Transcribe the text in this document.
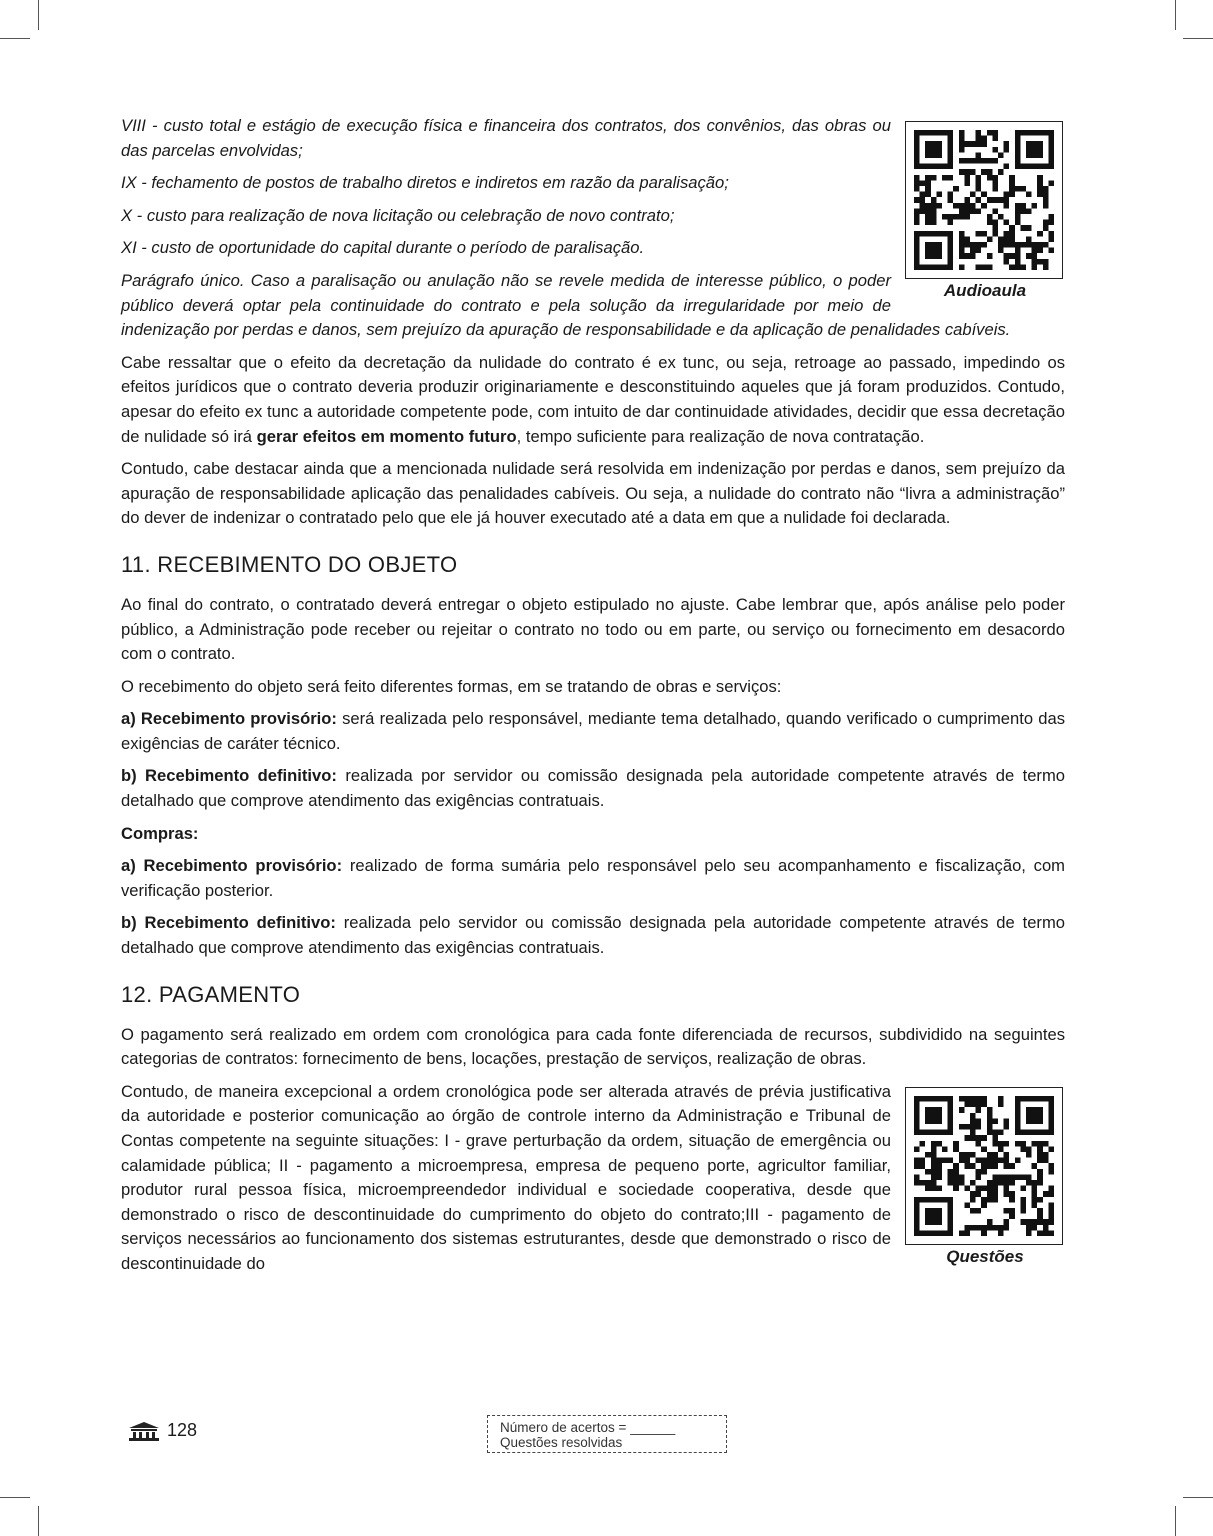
Audioaula

VIII - custo total e estágio de execução física e financeira dos contratos, dos convênios, das obras ou das parcelas envolvidas;

IX - fechamento de postos de trabalho diretos e indiretos em razão da paralisação;

X - custo para realização de nova licitação ou celebração de novo contrato;

XI - custo de oportunidade do capital durante o período de paralisação.

Parágrafo único. Caso a paralisação ou anulação não se revele medida de interesse público, o poder público deverá optar pela continuidade do contrato e pela solução da irregularidade por meio de indenização por perdas e danos, sem prejuízo da apuração de responsabilidade e da aplicação de penalidades cabíveis.

Cabe ressaltar que o efeito da decretação da nulidade do contrato é ex tunc, ou seja, retroage ao passado, impedindo os efeitos jurídicos que o contrato deveria produzir originariamente e desconstituindo aqueles que já foram produzidos. Contudo, apesar do efeito ex tunc a autoridade competente pode, com intuito de dar continuidade atividades, decidir que essa decretação de nulidade só irá gerar efeitos em momento futuro, tempo suficiente para realização de nova contratação.

Contudo, cabe destacar ainda que a mencionada nulidade será resolvida em indenização por perdas e danos, sem prejuízo da apuração de responsabilidade aplicação das penalidades cabíveis. Ou seja, a nulidade do contrato não “livra a administração” do dever de indenizar o contratado pelo que ele já houver executado até a data em que a nulidade foi declarada.

11. RECEBIMENTO DO OBJETO

Ao final do contrato, o contratado deverá entregar o objeto estipulado no ajuste. Cabe lembrar que, após análise pelo poder público, a Administração pode receber ou rejeitar o contrato no todo ou em parte, ou serviço ou fornecimento em desacordo com o contrato.

O recebimento do objeto será feito diferentes formas, em se tratando de obras e serviços:

a) Recebimento provisório: será realizada pelo responsável, mediante tema detalhado, quando verificado o cumprimento das exigências de caráter técnico.

b) Recebimento definitivo: realizada por servidor ou comissão designada pela autoridade competente através de termo detalhado que comprove atendimento das exigências contratuais.

Compras:

a) Recebimento provisório: realizado de forma sumária pelo responsável pelo seu acompanhamento e fiscalização, com verificação posterior.

b) Recebimento definitivo: realizada pelo servidor ou comissão designada pela autoridade competente através de termo detalhado que comprove atendimento das exigências contratuais.

12. PAGAMENTO

O pagamento será realizado em ordem com cronológica para cada fonte diferenciada de recursos, subdividido na seguintes categorias de contratos: fornecimento de bens, locações, prestação de serviços, realização de obras.

Questões

Contudo, de maneira excepcional a ordem cronológica pode ser alterada através de prévia justificativa da autoridade e posterior comunicação ao órgão de controle interno da Administração e Tribunal de Contas competente na seguinte situações: I - grave perturbação da ordem, situação de emergência ou calamidade pública; II - pagamento a microempresa, empresa de pequeno porte, agricultor familiar, produtor rural pessoa física, microempreendedor individual e sociedade cooperativa, desde que demonstrado o risco de descontinuidade do cumprimento do objeto do contrato;III - pagamento de serviços necessários ao funcionamento dos sistemas estruturantes, desde que demonstrado o risco de descontinuidade do

128	Número de acertos = ______
Questões resolvidas
